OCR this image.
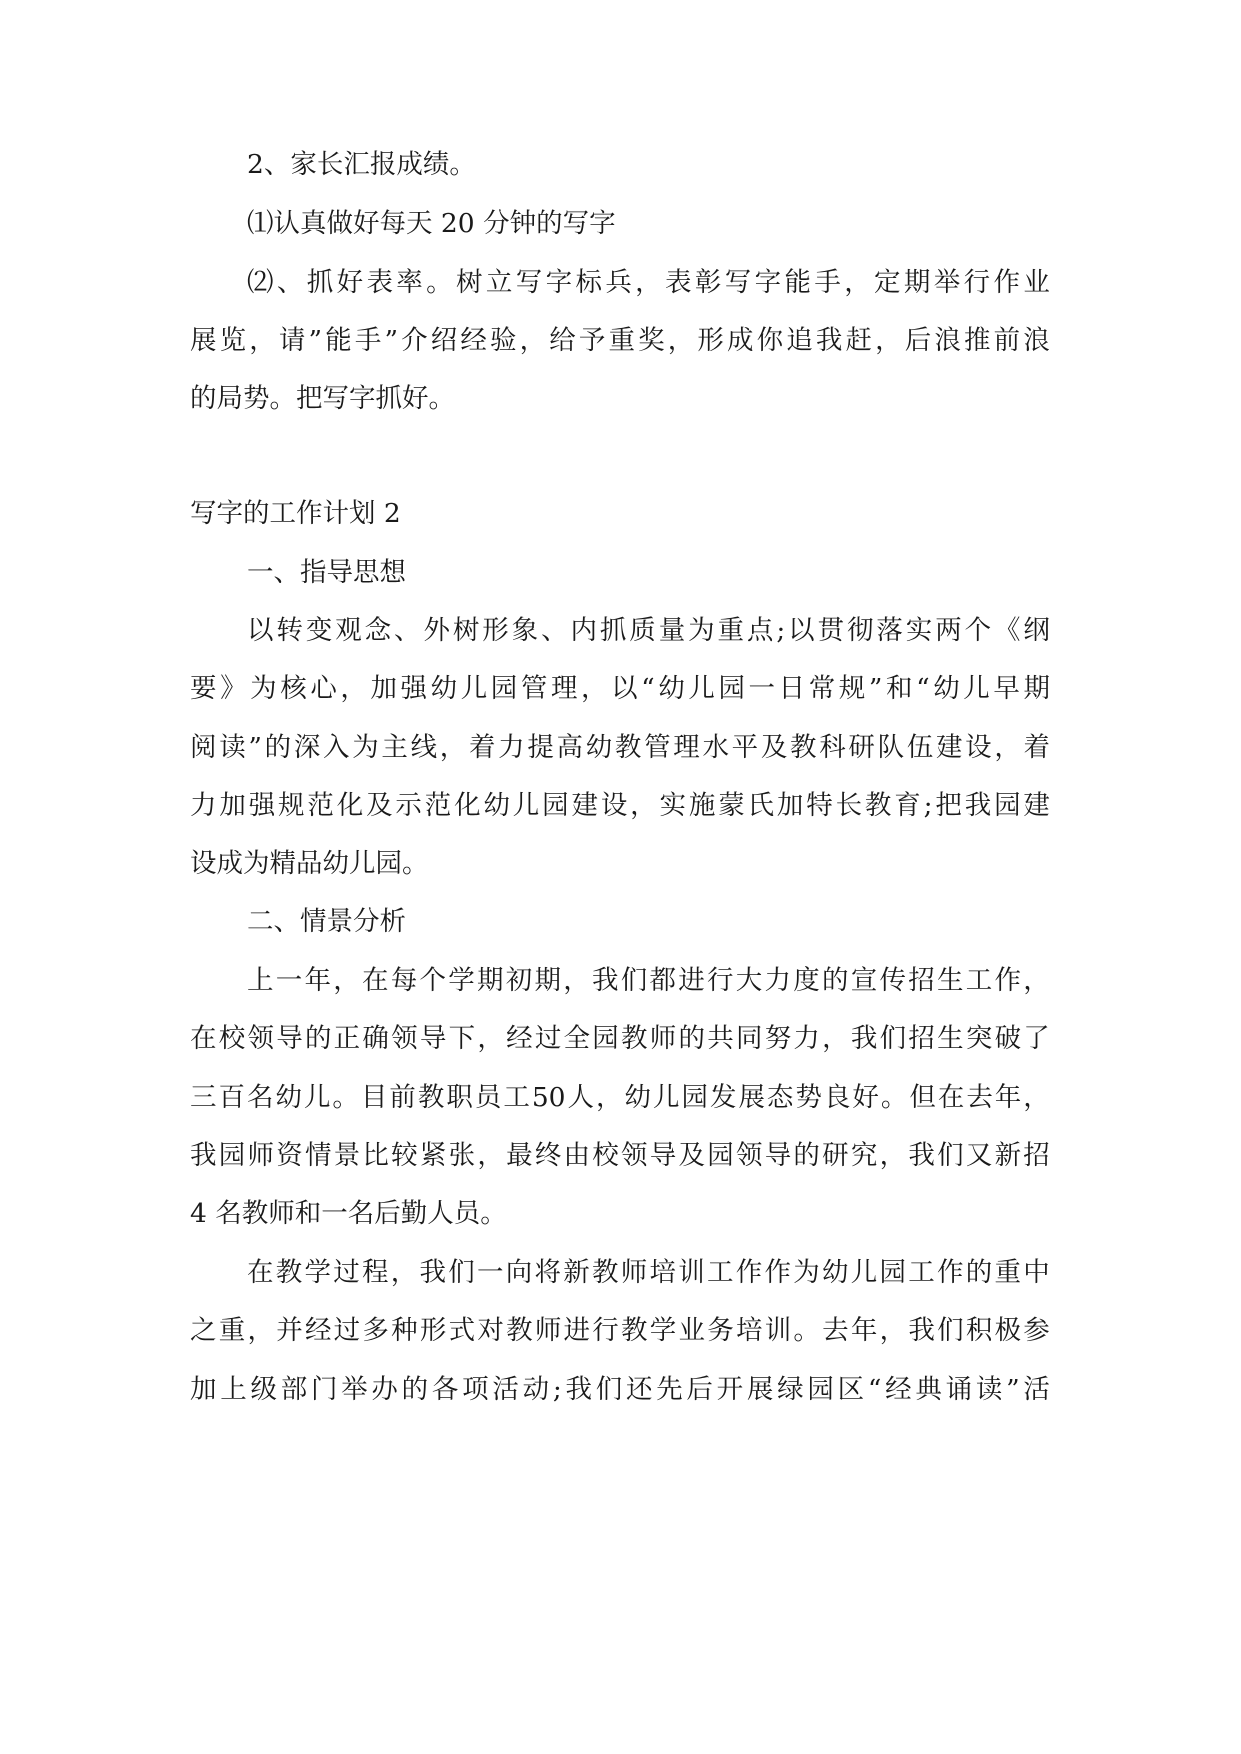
2、家长汇报成绩。
⑴认真做好每天 20 分钟的写字
⑵ 、 抓 好 表 率 。 树 立 写 字 标 兵 ， 表 彰 写 字 能 手 ， 定 期 举 行 作 业
展 览 ， 请 ” 能 手 ” 介 绍 经 验 ， 给 予 重 奖 ， 形 成 你 追 我 赶 ， 后 浪 推 前 浪
的局势。把写字抓好。
写字的工作计划 2
一、指导思想
以 转 变 观 念 、 外 树 形 象 、 内 抓 质 量 为 重 点 ; 以 贯 彻 落 实 两 个 《 纲
要 》 为 核 心 ， 加 强 幼 儿 园 管 理 ， 以 “ 幼 儿 园 一 日 常 规 ” 和 “ 幼 儿 早 期
阅 读 ” 的 深 入 为 主 线 ， 着 力 提 高 幼 教 管 理 水 平 及 教 科 研 队 伍 建 设 ， 着
力 加 强 规 范 化 及 示 范 化 幼 儿 园 建 设 ， 实 施 蒙 氏 加 特 长 教 育 ; 把 我 园 建
设成为精品幼儿园。
二、情景分析
上 一 年 ， 在 每 个 学 期 初 期 ， 我 们 都 进 行 大 力 度 的 宣 传 招 生 工 作 ，
在 校 领 导 的 正 确 领 导 下 ， 经 过 全 园 教 师 的 共 同 努 力 ， 我 们 招 生 突 破 了
三 百 名 幼 儿 。 目 前 教 职 员 工 50 人 ， 幼 儿 园 发 展 态 势 良 好 。 但 在 去 年 ，
我 园 师 资 情 景 比 较 紧 张 ， 最 终 由 校 领 导 及 园 领 导 的 研 究 ， 我 们 又 新 招
4 名教师和一名后勤人员。
在 教 学 过 程 ， 我 们 一 向 将 新 教 师 培 训 工 作 作 为 幼 儿 园 工 作 的 重 中
之 重 ， 并 经 过 多 种 形 式 对 教 师 进 行 教 学 业 务 培 训 。 去 年 ， 我 们 积 极 参
加 上 级 部 门 举 办 的 各 项 活 动 ; 我 们 还 先 后 开 展 绿 园 区 “ 经 典 诵 读 ” 活
